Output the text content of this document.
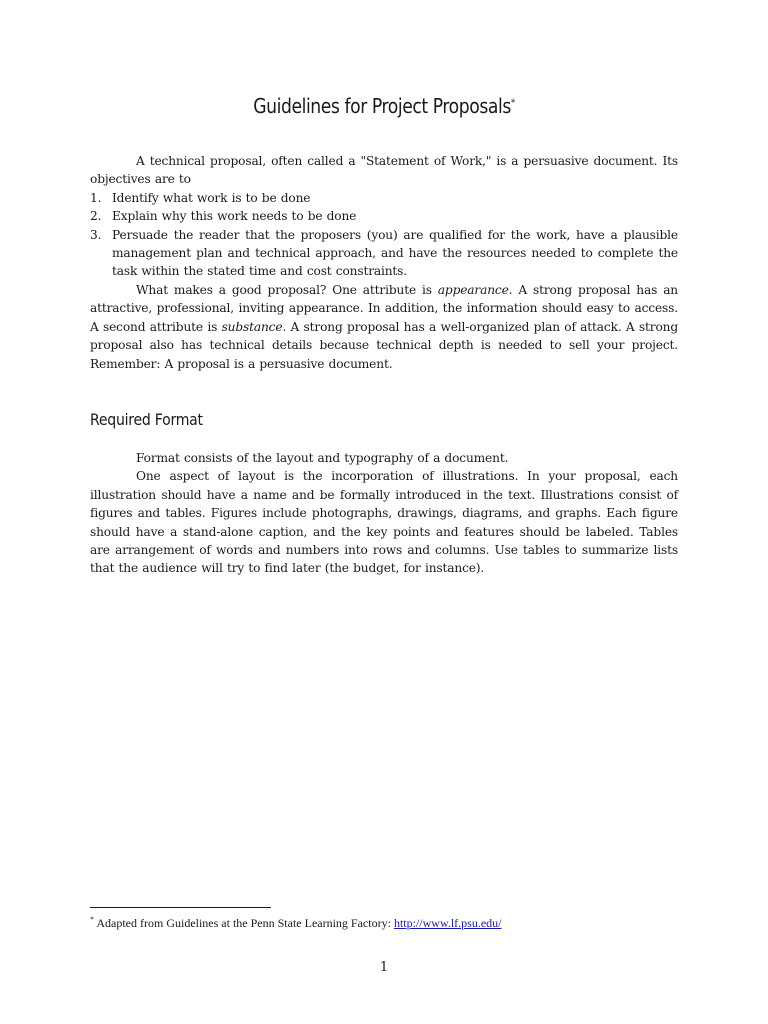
Guidelines for Project Proposals*

A technical proposal, often called a "Statement of Work," is a persuasive document. Its objectives are to

1. Identify what work is to be done
2. Explain why this work needs to be done
3. Persuade the reader that the proposers (you) are qualified for the work, have a plausible management plan and technical approach, and have the resources needed to complete the task within the stated time and cost constraints.

What makes a good proposal? One attribute is appearance. A strong proposal has an attractive, professional, inviting appearance. In addition, the information should easy to access. A second attribute is substance. A strong proposal has a well-organized plan of attack. A strong proposal also has technical details because technical depth is needed to sell your project. Remember: A proposal is a persuasive document.

Required Format

Format consists of the layout and typography of a document.

One aspect of layout is the incorporation of illustrations. In your proposal, each illustration should have a name and be formally introduced in the text. Illustrations consist of figures and tables. Figures include photographs, drawings, diagrams, and graphs. Each figure should have a stand-alone caption, and the key points and features should be labeled. Tables are arrangement of words and numbers into rows and columns. Use tables to summarize lists that the audience will try to find later (the budget, for instance).

* Adapted from Guidelines at the Penn State Learning Factory: http://www.lf.psu.edu/
1
